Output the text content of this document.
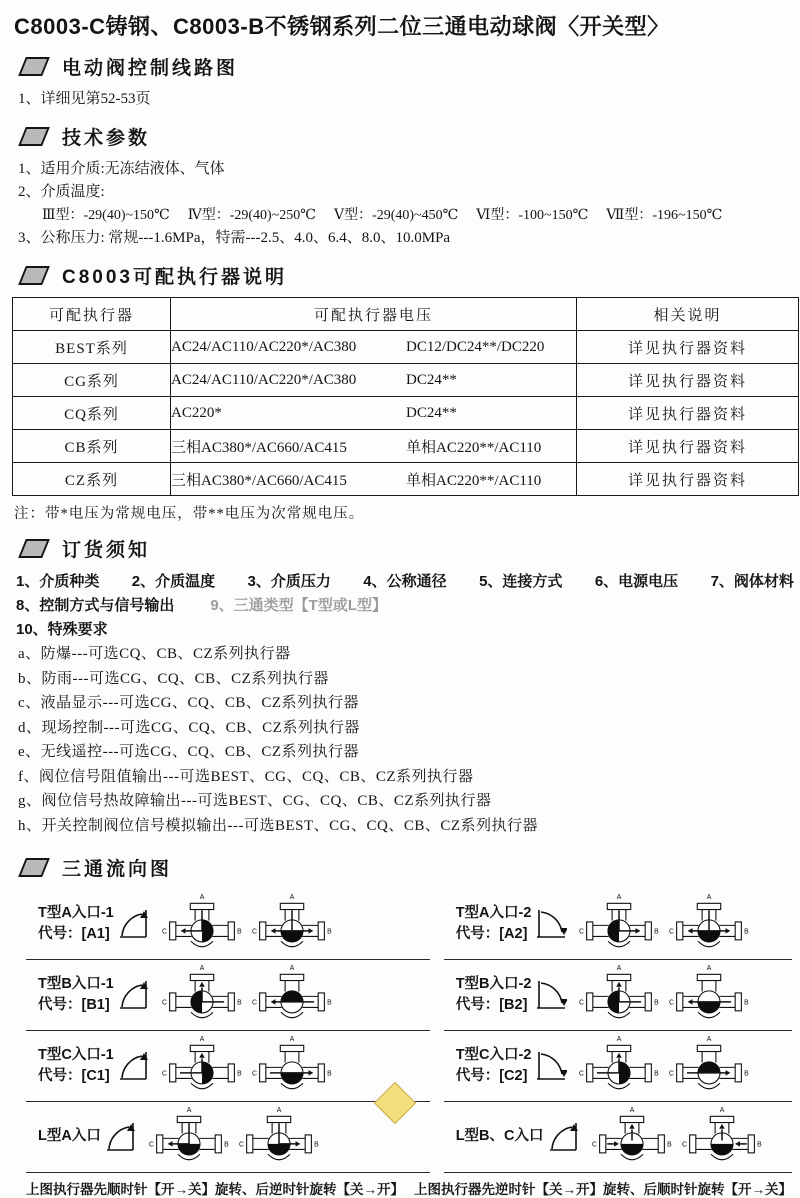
C8003-C铸钢、C8003-B不锈钢系列二位三通电动球阀〈开关型〉
电动阀控制线路图
1、详细见第52-53页
技术参数
1、适用介质:无冻结液体、气体
2、介质温度:
Ⅲ型：-29(40)~150℃ Ⅳ型：-29(40)~250℃ Ⅴ型：-29(40)~450℃ Ⅵ型：-100~150℃ Ⅶ型：-196~150℃
3、公称压力: 常规---1.6MPa，特需---2.5、4.0、6.4、8.0、10.0MPa
C8003可配执行器说明
可配执行器	可配执行器电压	相关说明
BEST系列	AC24/AC110/AC220*/AC380 DC12/DC24**/DC220	详见执行器资料
CG系列	AC24/AC110/AC220*/AC380 DC24**	详见执行器资料
CQ系列	AC220* DC24**	详见执行器资料
CB系列	三相AC380*/AC660/AC415 单相AC220**/AC110	详见执行器资料
CZ系列	三相AC380*/AC660/AC415 单相AC220**/AC110	详见执行器资料
注：带*电压为常规电压，带**电压为次常规电压。
订货须知
1、介质种类 2、介质温度 3、介质压力 4、公称通径 5、连接方式 6、电源电压 7、阀体材料
8、控制方式与信号输出 9、三通类型【T型或L型】
10、特殊要求
a、防爆---可选CQ、CB、CZ系列执行器
b、防雨---可选CG、CQ、CB、CZ系列执行器
c、液晶显示---可选CG、CQ、CB、CZ系列执行器
d、现场控制---可选CG、CQ、CB、CZ系列执行器
e、无线遥控---可选CG、CQ、CB、CZ系列执行器
f、阀位信号阻值输出---可选BEST、CG、CQ、CB、CZ系列执行器
g、阀位信号热故障输出---可选BEST、CG、CQ、CB、CZ系列执行器
h、开关控制阀位信号模拟输出---可选BEST、CG、CQ、CB、CZ系列执行器
三通流向图
T型A入口-1
代号：[A1]
A
C	B
A
C	B
T型A入口-2
代号：[A2]
A
C	B
A
C	B
T型B入口-1
代号：[B1]
A
C	B
A
C	B
T型B入口-2
代号：[B2]
A
C	B
A
C	B
T型C入口-1
代号：[C1]
A
C	B
A
C	B
T型C入口-2
代号：[C2]
A
C	B
A
C	B
L型A入口
A
C	B
A
C	B
L型B、C入口
A
C	B
A
C	B
上图执行器先顺时针【开→关】旋转、后逆时针旋转【关→开】 上图执行器先逆时针【关→开】旋转、后顺时针旋转【开→关】
